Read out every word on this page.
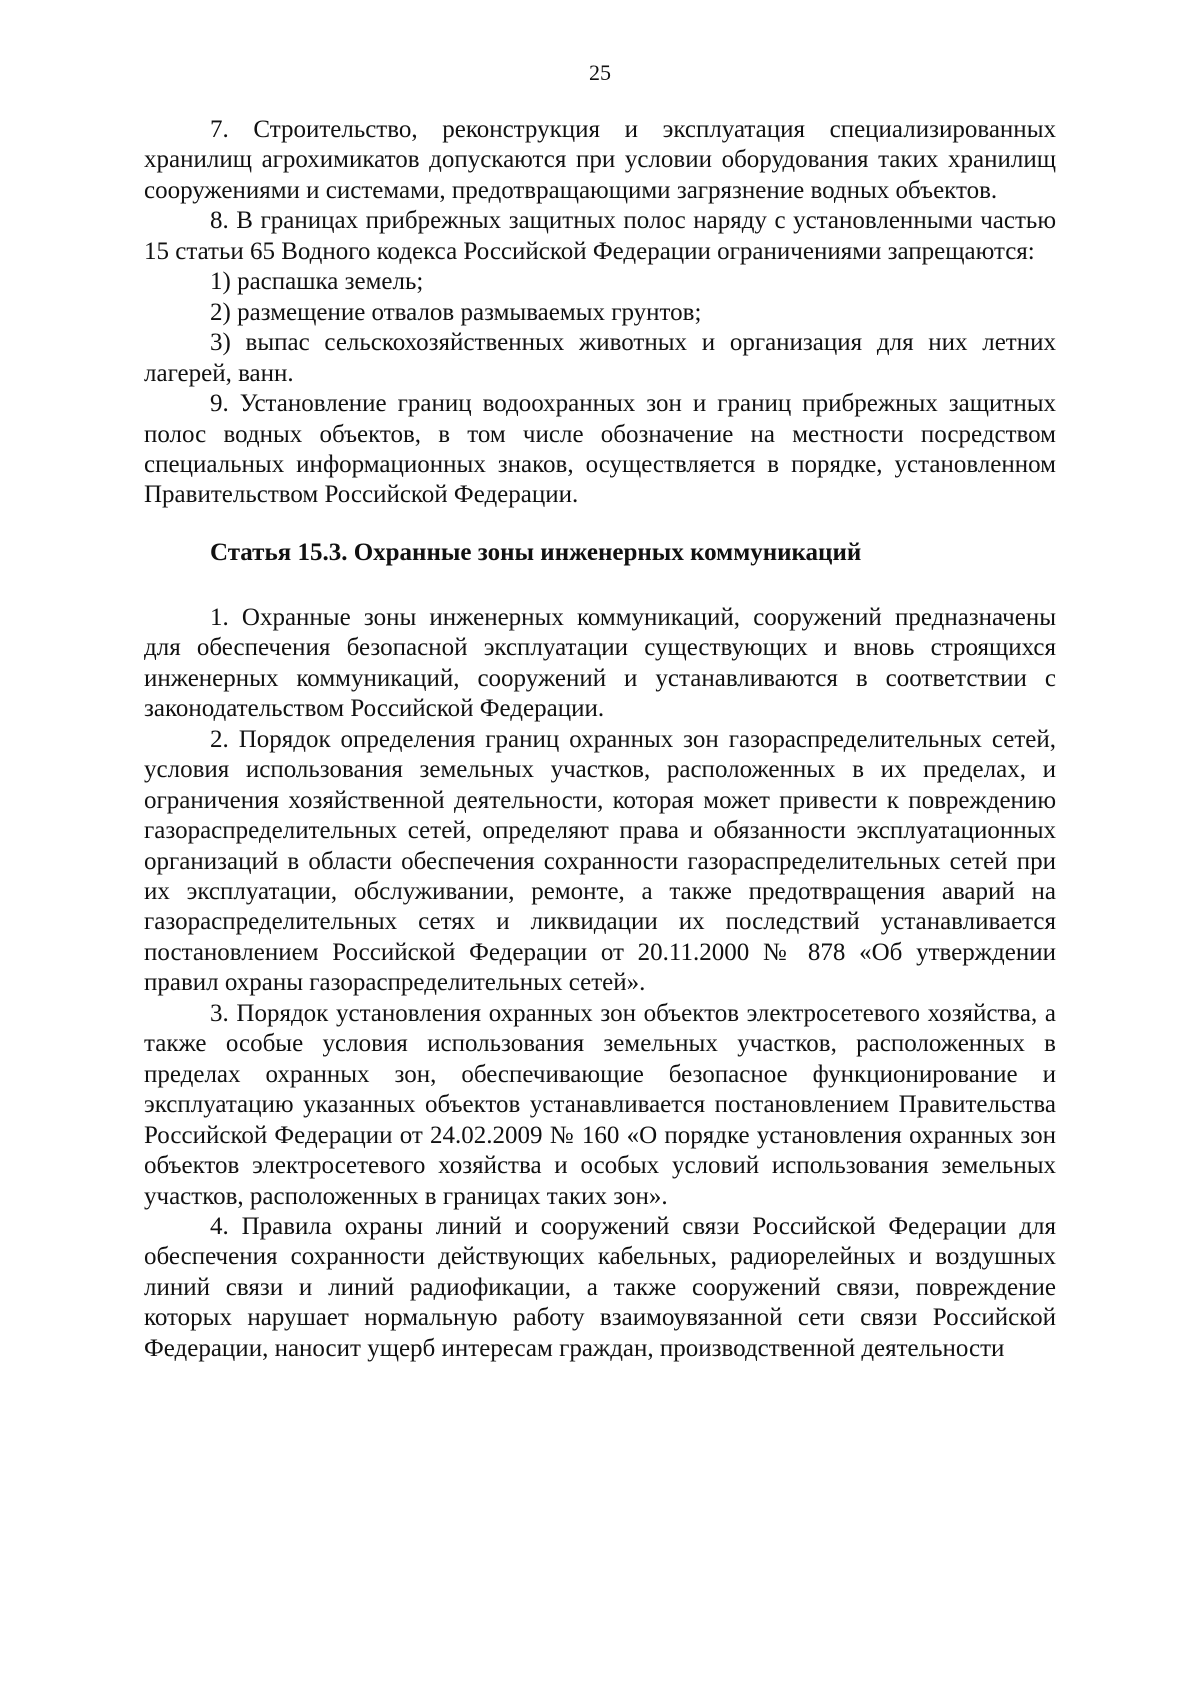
25

7. Строительство, реконструкция и эксплуатация специализированных хранилищ агрохимикатов допускаются при условии оборудования таких хранилищ сооружениями и системами, предотвращающими загрязнение водных объектов.

8. В границах прибрежных защитных полос наряду с установленными частью 15 статьи 65 Водного кодекса Российской Федерации ограничениями запрещаются:

1) распашка земель;

2) размещение отвалов размываемых грунтов;

3) выпас сельскохозяйственных животных и организация для них летних лагерей, ванн.

9. Установление границ водоохранных зон и границ прибрежных защитных полос водных объектов, в том числе обозначение на местности посредством специальных информационных знаков, осуществляется в порядке, установленном Правительством Российской Федерации.

Статья 15.3. Охранные зоны инженерных коммуникаций

1. Охранные зоны инженерных коммуникаций, сооружений предназначены для обеспечения безопасной эксплуатации существующих и вновь строящихся инженерных коммуникаций, сооружений и устанавливаются в соответствии с законодательством Российской Федерации.

2. Порядок определения границ охранных зон газораспределительных сетей, условия использования земельных участков, расположенных в их пределах, и ограничения хозяйственной деятельности, которая может привести к повреждению газораспределительных сетей, определяют права и обязанности эксплуатационных организаций в области обеспечения сохранности газораспределительных сетей при их эксплуатации, обслуживании, ремонте, а также предотвращения аварий на газораспределительных сетях и ликвидации их последствий устанавливается постановлением Российской Федерации от 20.11.2000 № 878 «Об утверждении правил охраны газораспределительных сетей».

3. Порядок установления охранных зон объектов электросетевого хозяйства, а также особые условия использования земельных участков, расположенных в пределах охранных зон, обеспечивающие безопасное функционирование и эксплуатацию указанных объектов устанавливается постановлением Правительства Российской Федерации от 24.02.2009 № 160 «О порядке установления охранных зон объектов электросетевого хозяйства и особых условий использования земельных участков, расположенных в границах таких зон».

4. Правила охраны линий и сооружений связи Российской Федерации для обеспечения сохранности действующих кабельных, радиорелейных и воздушных линий связи и линий радиофикации, а также сооружений связи, повреждение которых нарушает нормальную работу взаимоувязанной сети связи Российской Федерации, наносит ущерб интересам граждан, производственной деятельности
